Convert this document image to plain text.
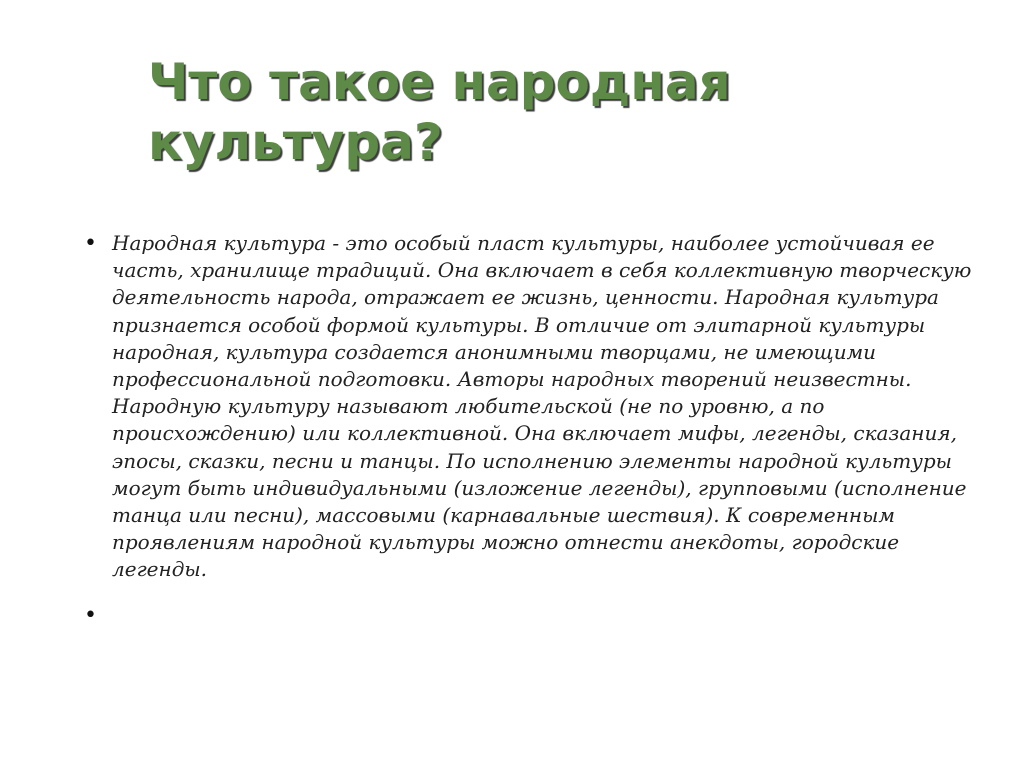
Что такое народная культура?
• Народная культура - это особый пласт культуры, наиболее устойчивая ее часть, хранилище традиций. Она включает в себя коллективную творческую деятельность народа, отражает ее жизнь, ценности. Народная культура признается особой формой культуры. В отличие от элитарной культуры народная, культура создается анонимными творцами, не имеющими профессиональной подготовки. Авторы народных творений неизвестны. Народную культуру называют любительской (не по уровню, а по происхождению) или коллективной. Она включает мифы, легенды, сказания, эпосы, сказки, песни и танцы. По исполнению элементы народной культуры могут быть индивидуальными (изложение легенды), групповыми (исполнение танца или песни), массовыми (карнавальные шествия). К современным проявлениям народной культуры можно отнести анекдоты, городские легенды.
•
